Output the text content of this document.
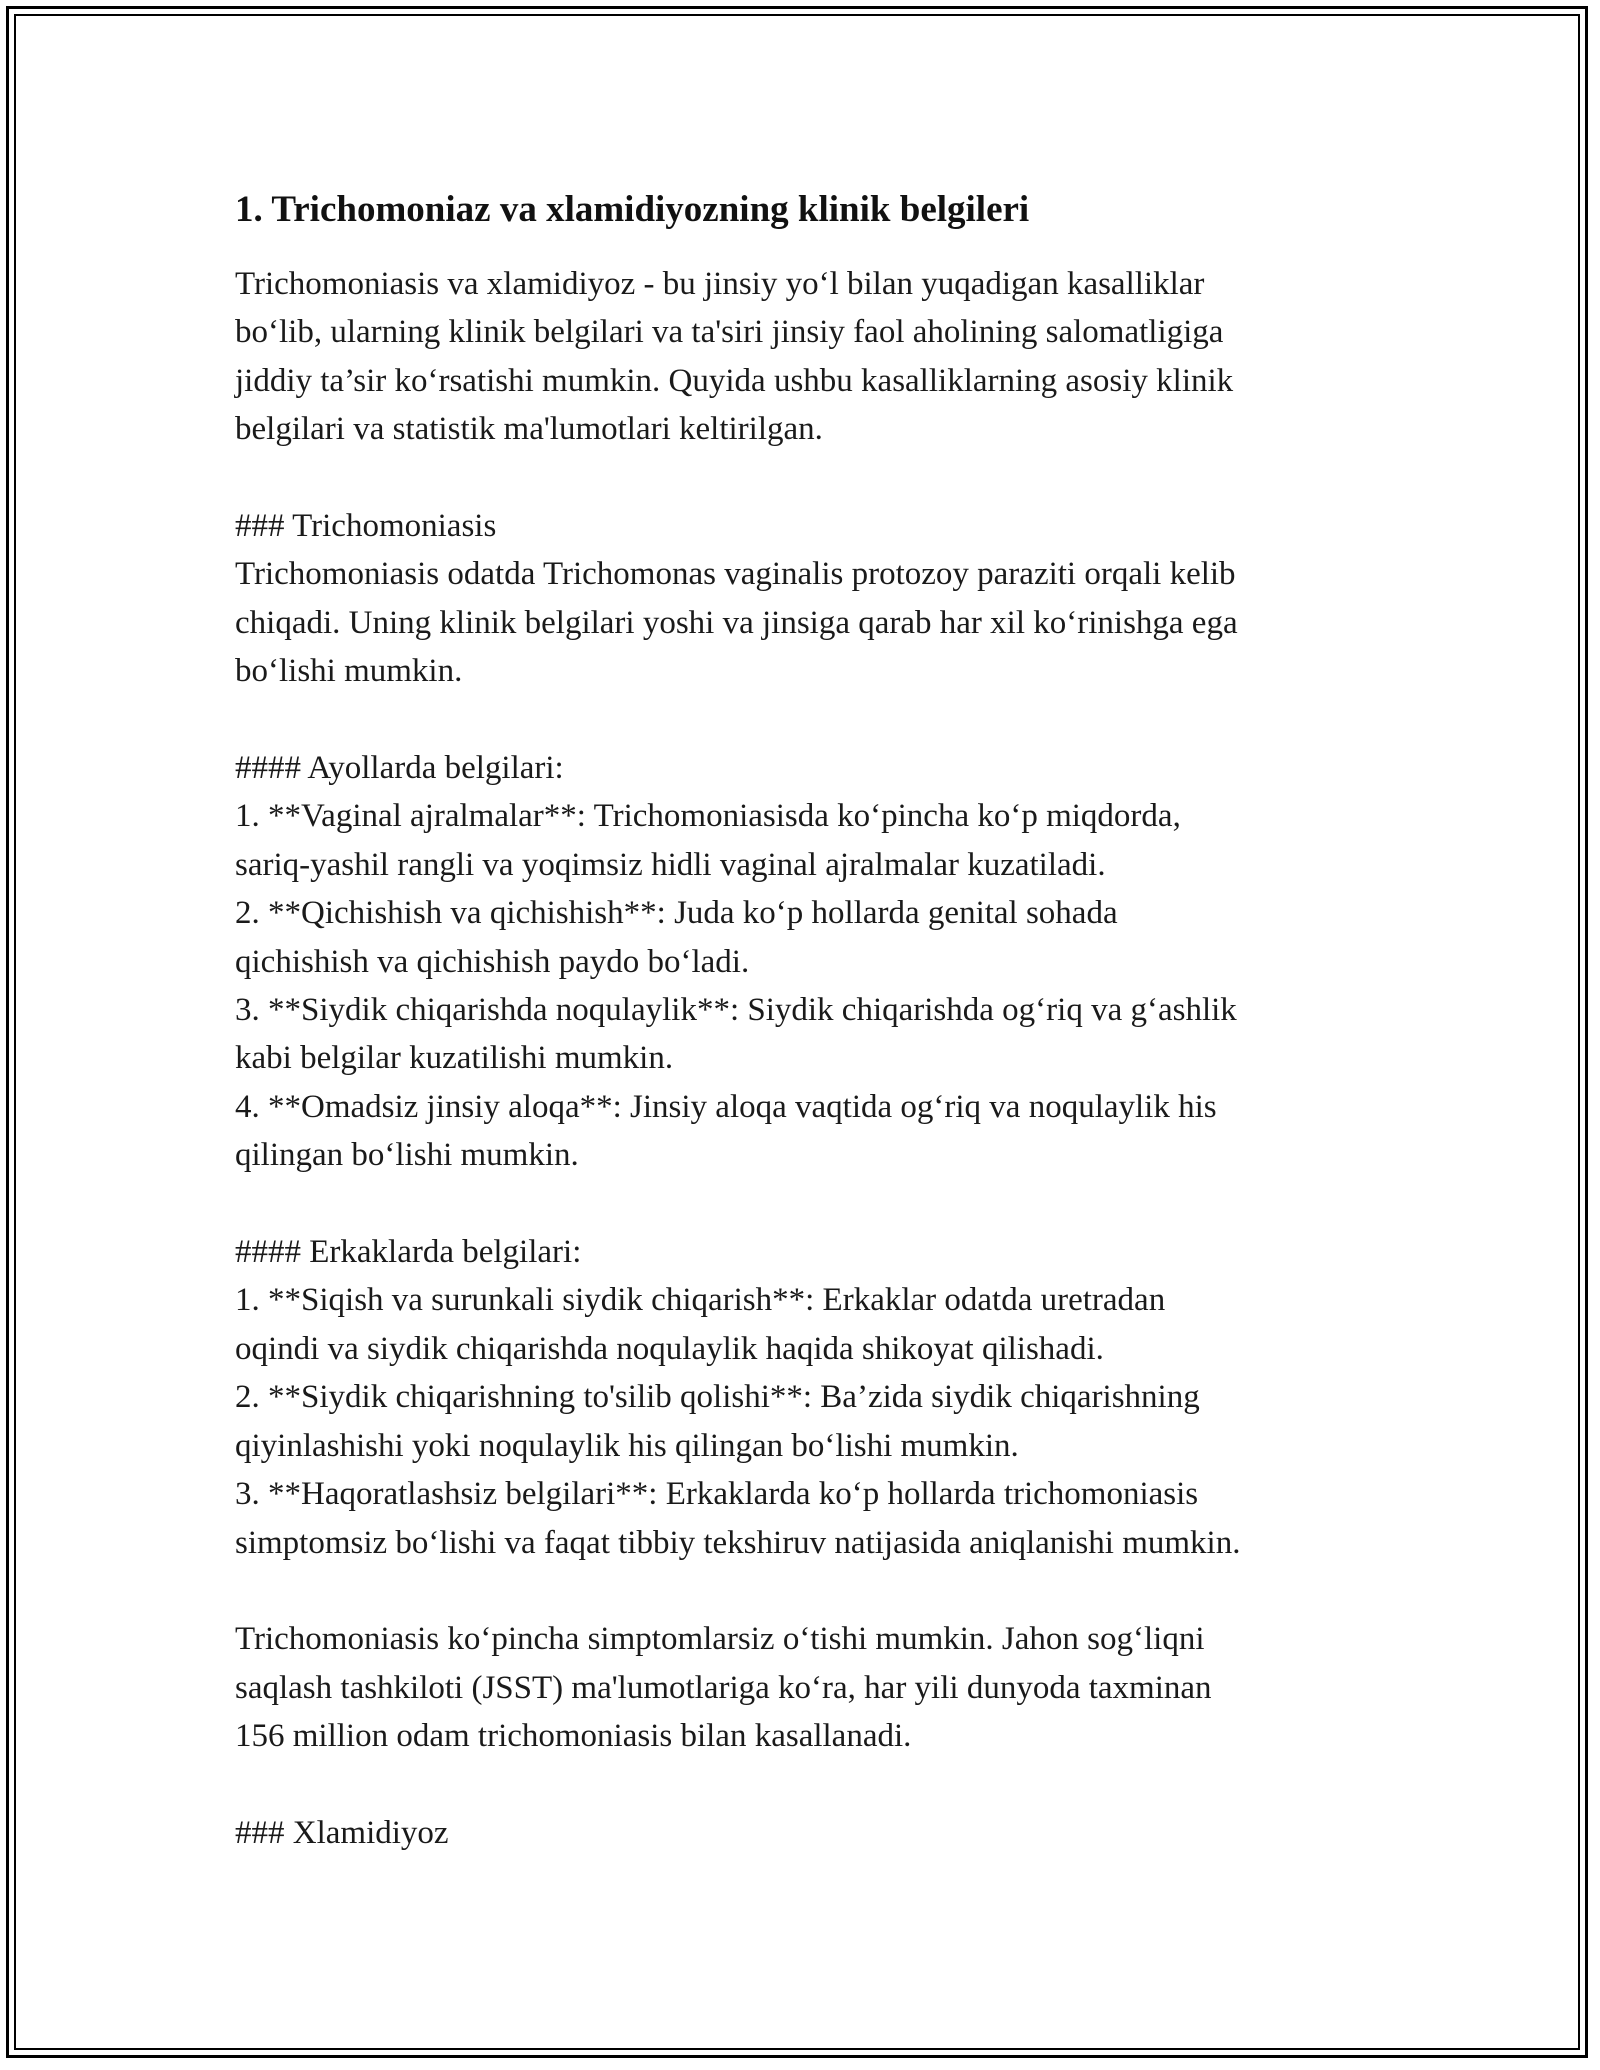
1. Trichomoniaz va xlamidiyozning klinik belgileri
Trichomoniasis va xlamidiyoz - bu jinsiy yo‘l bilan yuqadigan kasalliklar
bo‘lib, ularning klinik belgilari va ta'siri jinsiy faol aholining salomatligiga
jiddiy ta’sir ko‘rsatishi mumkin. Quyida ushbu kasalliklarning asosiy klinik
belgilari va statistik ma'lumotlari keltirilgan.
### Trichomoniasis
Trichomoniasis odatda Trichomonas vaginalis protozoy paraziti orqali kelib
chiqadi. Uning klinik belgilari yoshi va jinsiga qarab har xil ko‘rinishga ega
bo‘lishi mumkin.
#### Ayollarda belgilari:
1. **Vaginal ajralmalar**: Trichomoniasisda ko‘pincha ko‘p miqdorda,
sariq-yashil rangli va yoqimsiz hidli vaginal ajralmalar kuzatiladi.
2. **Qichishish va qichishish**: Juda ko‘p hollarda genital sohada
qichishish va qichishish paydo bo‘ladi.
3. **Siydik chiqarishda noqulaylik**: Siydik chiqarishda og‘riq va g‘ashlik
kabi belgilar kuzatilishi mumkin.
4. **Omadsiz jinsiy aloqa**: Jinsiy aloqa vaqtida og‘riq va noqulaylik his
qilingan bo‘lishi mumkin.
#### Erkaklarda belgilari:
1. **Siqish va surunkali siydik chiqarish**: Erkaklar odatda uretradan
oqindi va siydik chiqarishda noqulaylik haqida shikoyat qilishadi.
2. **Siydik chiqarishning to'silib qolishi**: Ba’zida siydik chiqarishning
qiyinlashishi yoki noqulaylik his qilingan bo‘lishi mumkin.
3. **Haqoratlashsiz belgilari**: Erkaklarda ko‘p hollarda trichomoniasis
simptomsiz bo‘lishi va faqat tibbiy tekshiruv natijasida aniqlanishi mumkin.
Trichomoniasis ko‘pincha simptomlarsiz o‘tishi mumkin. Jahon sog‘liqni
saqlash tashkiloti (JSST) ma'lumotlariga ko‘ra, har yili dunyoda taxminan
156 million odam trichomoniasis bilan kasallanadi.
### Xlamidiyoz
